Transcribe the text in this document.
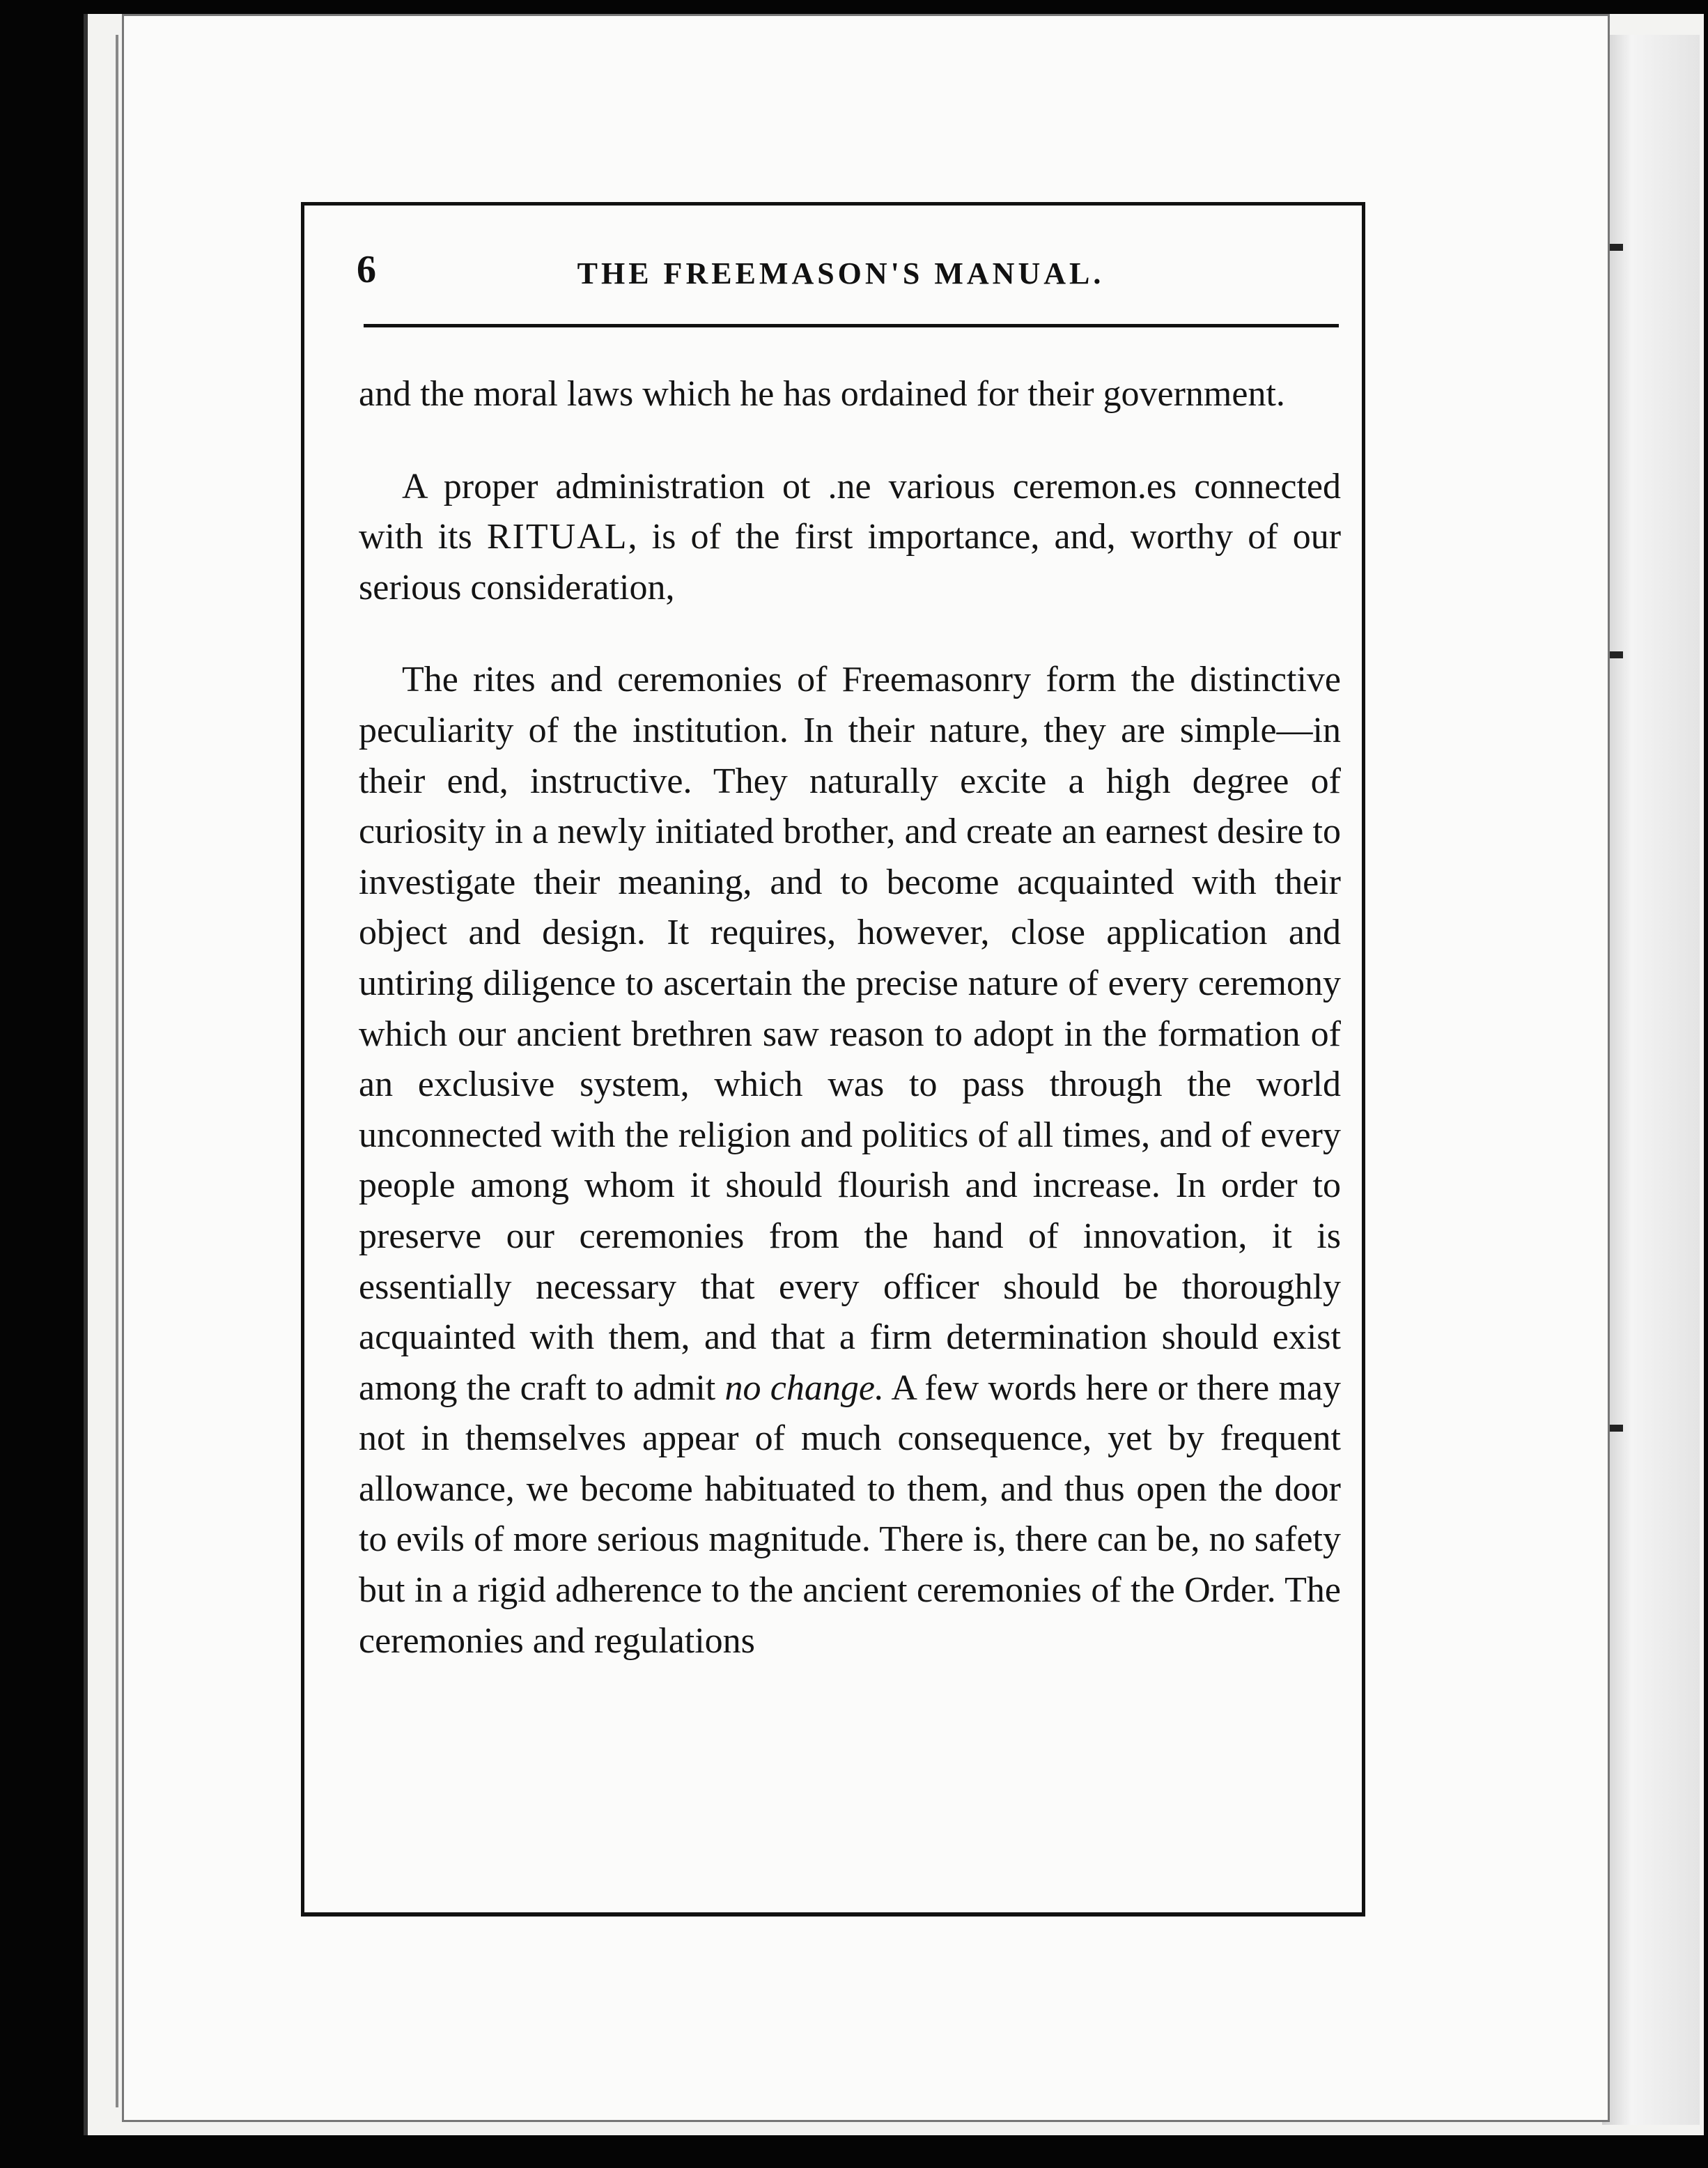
6	THE FREEMASON'S MANUAL.

and the moral laws which he has ordained for their government.

A proper administration ot .ne various ceremon.es connected with its RITUAL, is of the first importance, and, worthy of our serious consideration,

The rites and ceremonies of Freemasonry form the distinctive peculiarity of the institution. In their nature, they are simple—in their end, instructive. They naturally excite a high degree of curiosity in a newly initiated brother, and create an earnest desire to investigate their meaning, and to become acquainted with their object and design. It requires, however, close application and untiring diligence to ascertain the precise nature of every ceremony which our ancient brethren saw reason to adopt in the formation of an exclusive system, which was to pass through the world unconnected with the religion and politics of all times, and of every people among whom it should flourish and increase. In order to preserve our ceremonies from the hand of innovation, it is essentially necessary that every officer should be thoroughly acquainted with them, and that a firm determination should exist among the craft to admit no change. A few words here or there may not in themselves appear of much consequence, yet by frequent allowance, we become habituated to them, and thus open the door to evils of more serious magnitude. There is, there can be, no safety but in a rigid adherence to the ancient ceremonies of the Order. The ceremonies and regulations
